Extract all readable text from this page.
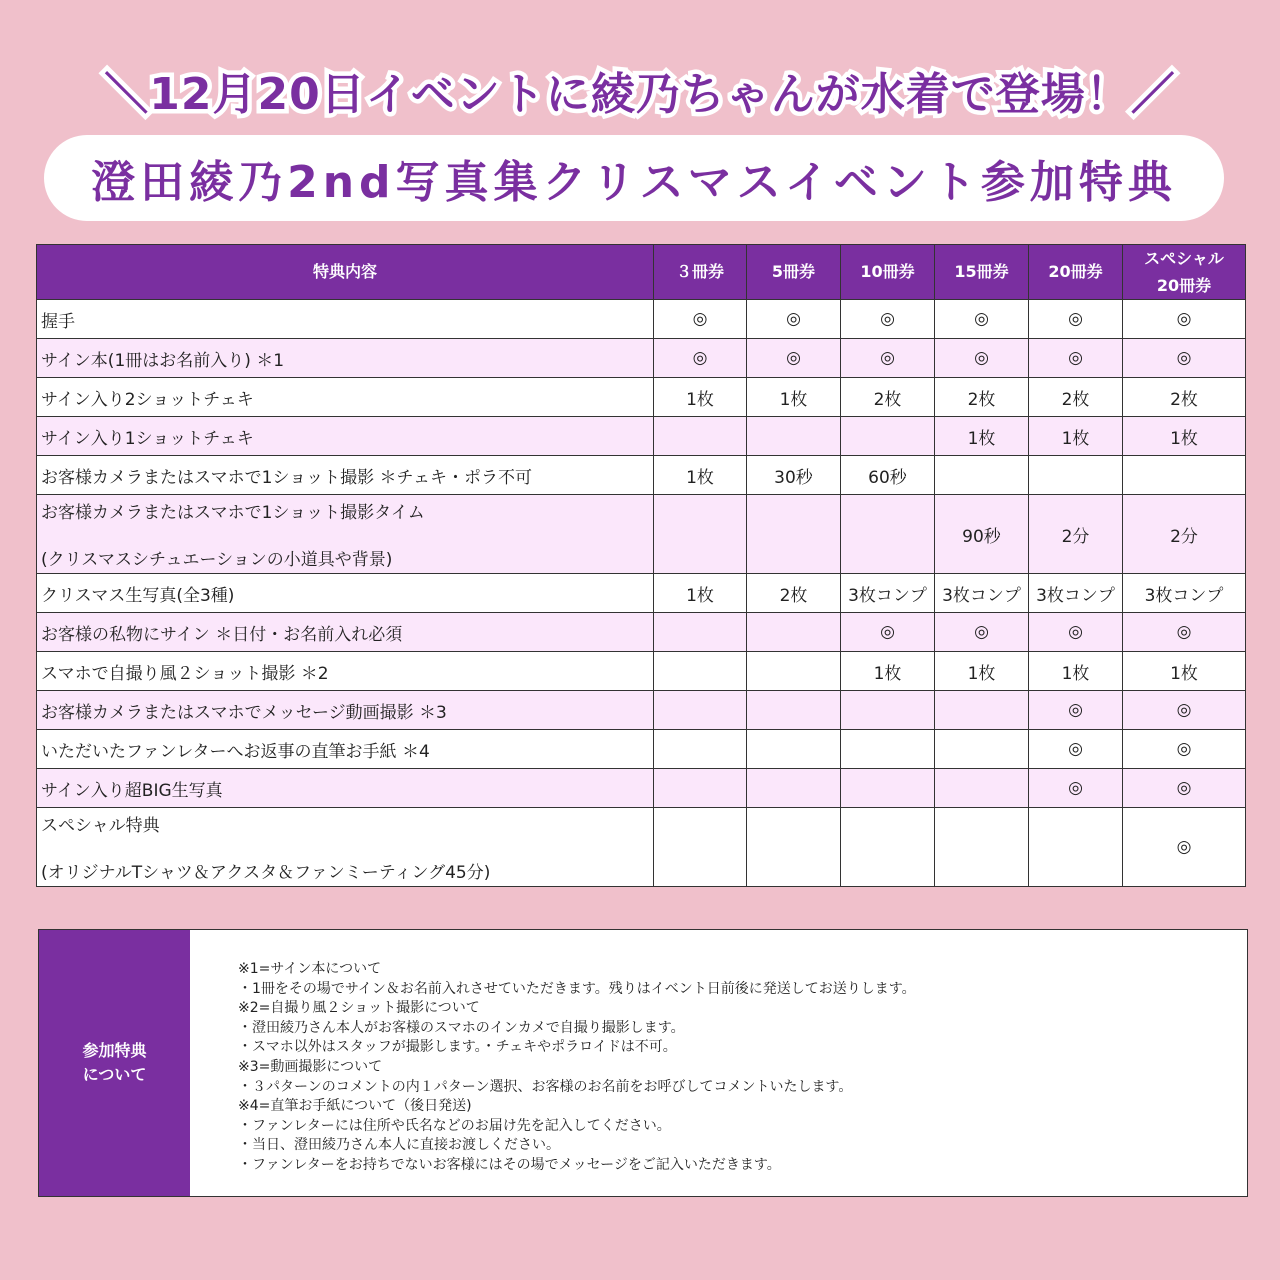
＼12月20日イベントに綾乃ちゃんが水着で登場！／
澄田綾乃2nd写真集クリスマスイベント参加特典
特典内容	３冊券	5冊券	10冊券	15冊券	20冊券	スペシャル
20冊券
握手	◎	◎	◎	◎	◎	◎
サイン本(1冊はお名前入り) ＊1	◎	◎	◎	◎	◎	◎
サイン入り2ショットチェキ	1枚	1枚	2枚	2枚	2枚	2枚
サイン入り1ショットチェキ				1枚	1枚	1枚
お客様カメラまたはスマホで1ショット撮影 ＊チェキ・ポラ不可	1枚	30秒	60秒			
お客様カメラまたはスマホで1ショット撮影タイム
(クリスマスシチュエーションの小道具や背景)				90秒	2分	2分
クリスマス生写真(全3種)	1枚	2枚	3枚コンプ	3枚コンプ	3枚コンプ	3枚コンプ
お客様の私物にサイン ＊日付・お名前入れ必須			◎	◎	◎	◎
スマホで自撮り風２ショット撮影 ＊2			1枚	1枚	1枚	1枚
お客様カメラまたはスマホでメッセージ動画撮影 ＊3					◎	◎
いただいたファンレターへお返事の直筆お手紙 ＊4					◎	◎
サイン入り超BIG生写真					◎	◎
スペシャル特典
(オリジナルTシャツ＆アクスタ＆ファンミーティング45分)						◎
参加特典
について
※1=サイン本について
・1冊をその場でサイン＆お名前入れさせていただきます。残りはイベント日前後に発送してお送りします。
※2=自撮り風２ショット撮影について
・澄田綾乃さん本人がお客様のスマホのインカメで自撮り撮影します。
・スマホ以外はスタッフが撮影します。・チェキやポラロイドは不可。
※3=動画撮影について
・３パターンのコメントの内１パターン選択、お客様のお名前をお呼びしてコメントいたします。
※4=直筆お手紙について（後日発送)
・ファンレターには住所や氏名などのお届け先を記入してください。
・当日、澄田綾乃さん本人に直接お渡しください。
・ファンレターをお持ちでないお客様にはその場でメッセージをご記入いただきます。
